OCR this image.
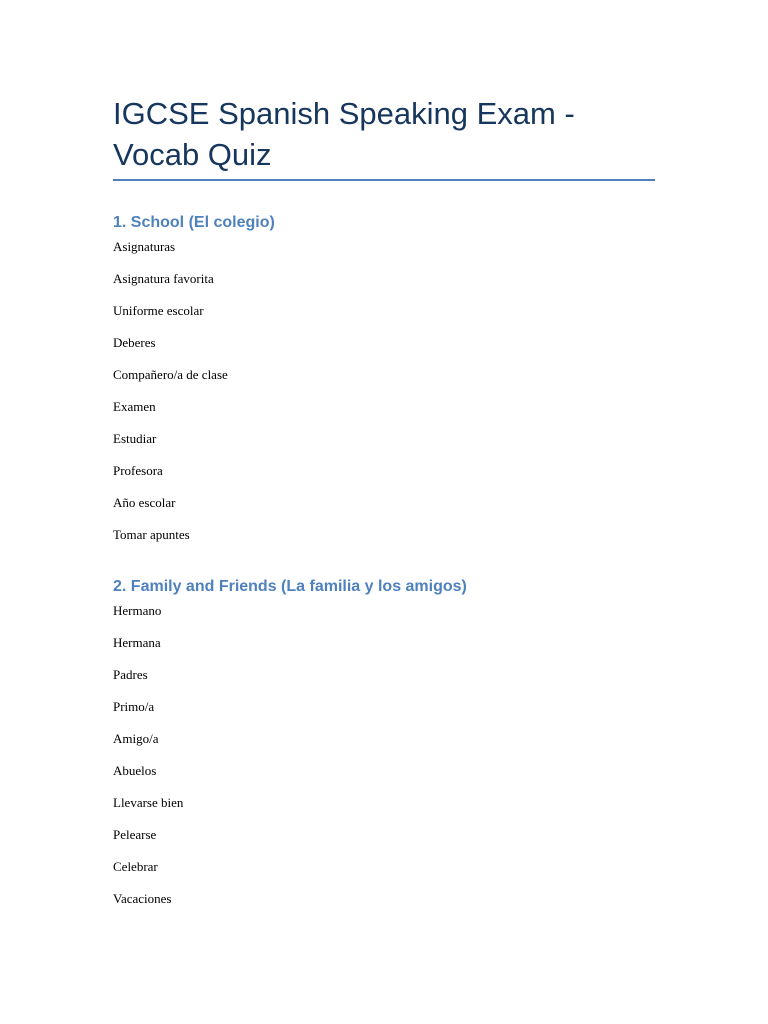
IGCSE Spanish Speaking Exam - Vocab Quiz
1. School (El colegio)
Asignaturas
Asignatura favorita
Uniforme escolar
Deberes
Compañero/a de clase
Examen
Estudiar
Profesora
Año escolar
Tomar apuntes
2. Family and Friends (La familia y los amigos)
Hermano
Hermana
Padres
Primo/a
Amigo/a
Abuelos
Llevarse bien
Pelearse
Celebrar
Vacaciones
